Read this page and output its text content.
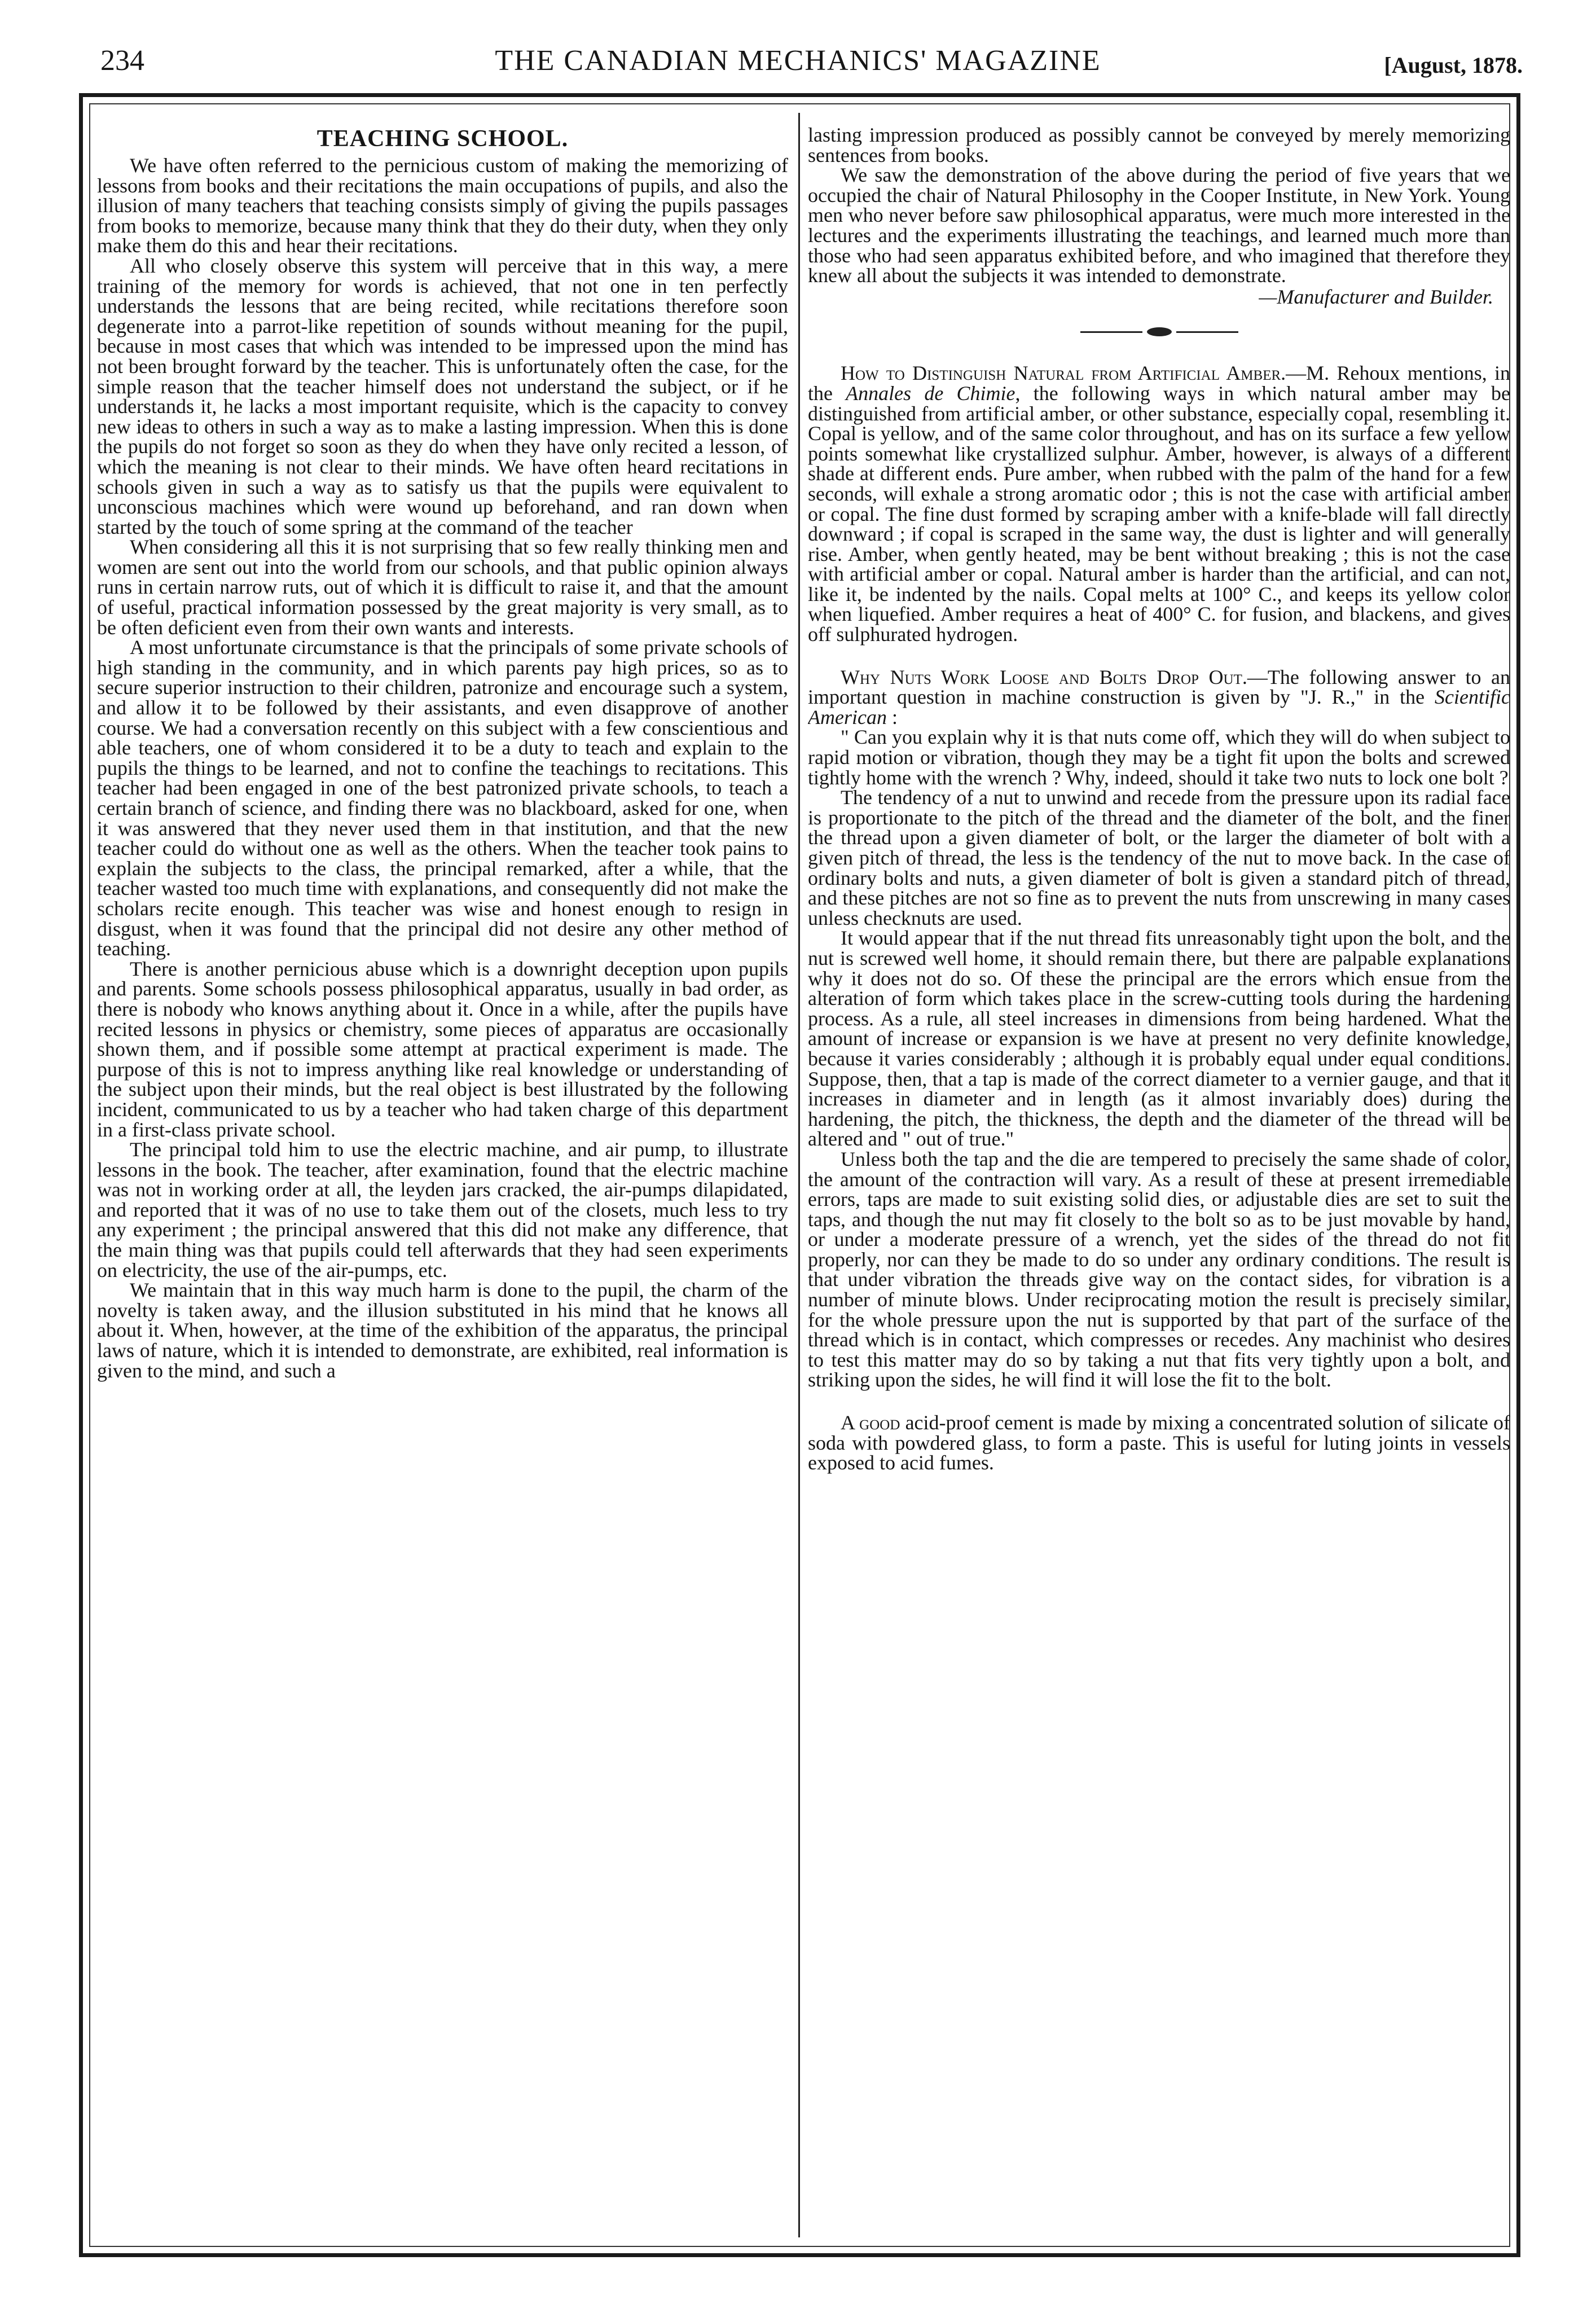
234	THE CANADIAN MECHANICS' MAGAZINE	[August, 1878.
TEACHING SCHOOL.

We have often referred to the pernicious custom of making the memorizing of lessons from books and their recitations the main occupations of pupils, and also the illusion of many teachers that teaching consists simply of giving the pupils passages from books to memorize, because many think that they do their duty, when they only make them do this and hear their recitations.

All who closely observe this system will perceive that in this way, a mere training of the memory for words is achieved, that not one in ten perfectly understands the lessons that are being recited, while recitations therefore soon degenerate into a parrot-like repetition of sounds without meaning for the pupil, because in most cases that which was intended to be impressed upon the mind has not been brought forward by the teacher. This is unfortunately often the case, for the simple reason that the teacher himself does not understand the subject, or if he understands it, he lacks a most important requisite, which is the capacity to convey new ideas to others in such a way as to make a lasting impression. When this is done the pupils do not forget so soon as they do when they have only recited a lesson, of which the meaning is not clear to their minds. We have often heard recitations in schools given in such a way as to satisfy us that the pupils were equivalent to unconscious machines which were wound up beforehand, and ran down when started by the touch of some spring at the command of the teacher

When considering all this it is not surprising that so few really thinking men and women are sent out into the world from our schools, and that public opinion always runs in certain narrow ruts, out of which it is difficult to raise it, and that the amount of useful, practical information possessed by the great majority is very small, as to be often deficient even from their own wants and interests.

A most unfortunate circumstance is that the principals of some private schools of high standing in the community, and in which parents pay high prices, so as to secure superior instruction to their children, patronize and encourage such a system, and allow it to be followed by their assistants, and even disapprove of another course. We had a conversation recently on this subject with a few conscientious and able teachers, one of whom considered it to be a duty to teach and explain to the pupils the things to be learned, and not to confine the teachings to recitations. This teacher had been engaged in one of the best patronized private schools, to teach a certain branch of science, and finding there was no blackboard, asked for one, when it was answered that they never used them in that institution, and that the new teacher could do without one as well as the others. When the teacher took pains to explain the subjects to the class, the principal remarked, after a while, that the teacher wasted too much time with explanations, and consequently did not make the scholars recite enough. This teacher was wise and honest enough to resign in disgust, when it was found that the principal did not desire any other method of teaching.

There is another pernicious abuse which is a downright deception upon pupils and parents. Some schools possess philosophical apparatus, usually in bad order, as there is nobody who knows anything about it. Once in a while, after the pupils have recited lessons in physics or chemistry, some pieces of apparatus are occasionally shown them, and if possible some attempt at practical experiment is made. The purpose of this is not to impress anything like real knowledge or understanding of the subject upon their minds, but the real object is best illustrated by the following incident, communicated to us by a teacher who had taken charge of this department in a first-class private school.

The principal told him to use the electric machine, and air pump, to illustrate lessons in the book. The teacher, after examination, found that the electric machine was not in working order at all, the leyden jars cracked, the air-pumps dilapidated, and reported that it was of no use to take them out of the closets, much less to try any experiment ; the principal answered that this did not make any difference, that the main thing was that pupils could tell afterwards that they had seen experiments on electricity, the use of the air-pumps, etc.

We maintain that in this way much harm is done to the pupil, the charm of the novelty is taken away, and the illusion substituted in his mind that he knows all about it. When, however, at the time of the exhibition of the apparatus, the principal laws of nature, which it is intended to demonstrate, are exhibited, real information is given to the mind, and such a

lasting impression produced as possibly cannot be conveyed by merely memorizing sentences from books.

We saw the demonstration of the above during the period of five years that we occupied the chair of Natural Philosophy in the Cooper Institute, in New York. Young men who never before saw philosophical apparatus, were much more interested in the lectures and the experiments illustrating the teachings, and learned much more than those who had seen apparatus exhibited before, and who imagined that therefore they knew all about the subjects it was intended to demonstrate.

—Manufacturer and Builder.

How to Distinguish Natural from Artificial Amber.—M. Rehoux mentions, in the Annales de Chimie, the following ways in which natural amber may be distinguished from artificial amber, or other substance, especially copal, resembling it. Copal is yellow, and of the same color throughout, and has on its surface a few yellow points somewhat like crystallized sulphur. Amber, however, is always of a different shade at different ends. Pure amber, when rubbed with the palm of the hand for a few seconds, will exhale a strong aromatic odor ; this is not the case with artificial amber or copal. The fine dust formed by scraping amber with a knife-blade will fall directly downward ; if copal is scraped in the same way, the dust is lighter and will generally rise. Amber, when gently heated, may be bent without breaking ; this is not the case with artificial amber or copal. Natural amber is harder than the artificial, and can not, like it, be indented by the nails. Copal melts at 100° C., and keeps its yellow color when liquefied. Amber requires a heat of 400° C. for fusion, and blackens, and gives off sulphurated hydrogen.

Why Nuts Work Loose and Bolts Drop Out.—The following answer to an important question in machine construction is given by "J. R.," in the Scientific American :

" Can you explain why it is that nuts come off, which they will do when subject to rapid motion or vibration, though they may be a tight fit upon the bolts and screwed tightly home with the wrench ? Why, indeed, should it take two nuts to lock one bolt ?

The tendency of a nut to unwind and recede from the pressure upon its radial face is proportionate to the pitch of the thread and the diameter of the bolt, and the finer the thread upon a given diameter of bolt, or the larger the diameter of bolt with a given pitch of thread, the less is the tendency of the nut to move back. In the case of ordinary bolts and nuts, a given diameter of bolt is given a standard pitch of thread, and these pitches are not so fine as to prevent the nuts from unscrewing in many cases unless checknuts are used.

It would appear that if the nut thread fits unreasonably tight upon the bolt, and the nut is screwed well home, it should remain there, but there are palpable explanations why it does not do so. Of these the principal are the errors which ensue from the alteration of form which takes place in the screw-cutting tools during the hardening process. As a rule, all steel increases in dimensions from being hardened. What the amount of increase or expansion is we have at present no very definite knowledge, because it varies considerably ; although it is probably equal under equal conditions. Suppose, then, that a tap is made of the correct diameter to a vernier gauge, and that it increases in diameter and in length (as it almost invariably does) during the hardening, the pitch, the thickness, the depth and the diameter of the thread will be altered and " out of true."

Unless both the tap and the die are tempered to precisely the same shade of color, the amount of the contraction will vary. As a result of these at present irremediable errors, taps are made to suit existing solid dies, or adjustable dies are set to suit the taps, and though the nut may fit closely to the bolt so as to be just movable by hand, or under a moderate pressure of a wrench, yet the sides of the thread do not fit properly, nor can they be made to do so under any ordinary conditions. The result is that under vibration the threads give way on the contact sides, for vibration is a number of minute blows. Under reciprocating motion the result is precisely similar, for the whole pressure upon the nut is supported by that part of the surface of the thread which is in contact, which compresses or recedes. Any machinist who desires to test this matter may do so by taking a nut that fits very tightly upon a bolt, and striking upon the sides, he will find it will lose the fit to the bolt.

A good acid-proof cement is made by mixing a concentrated solution of silicate of soda with powdered glass, to form a paste. This is useful for luting joints in vessels exposed to acid fumes.
